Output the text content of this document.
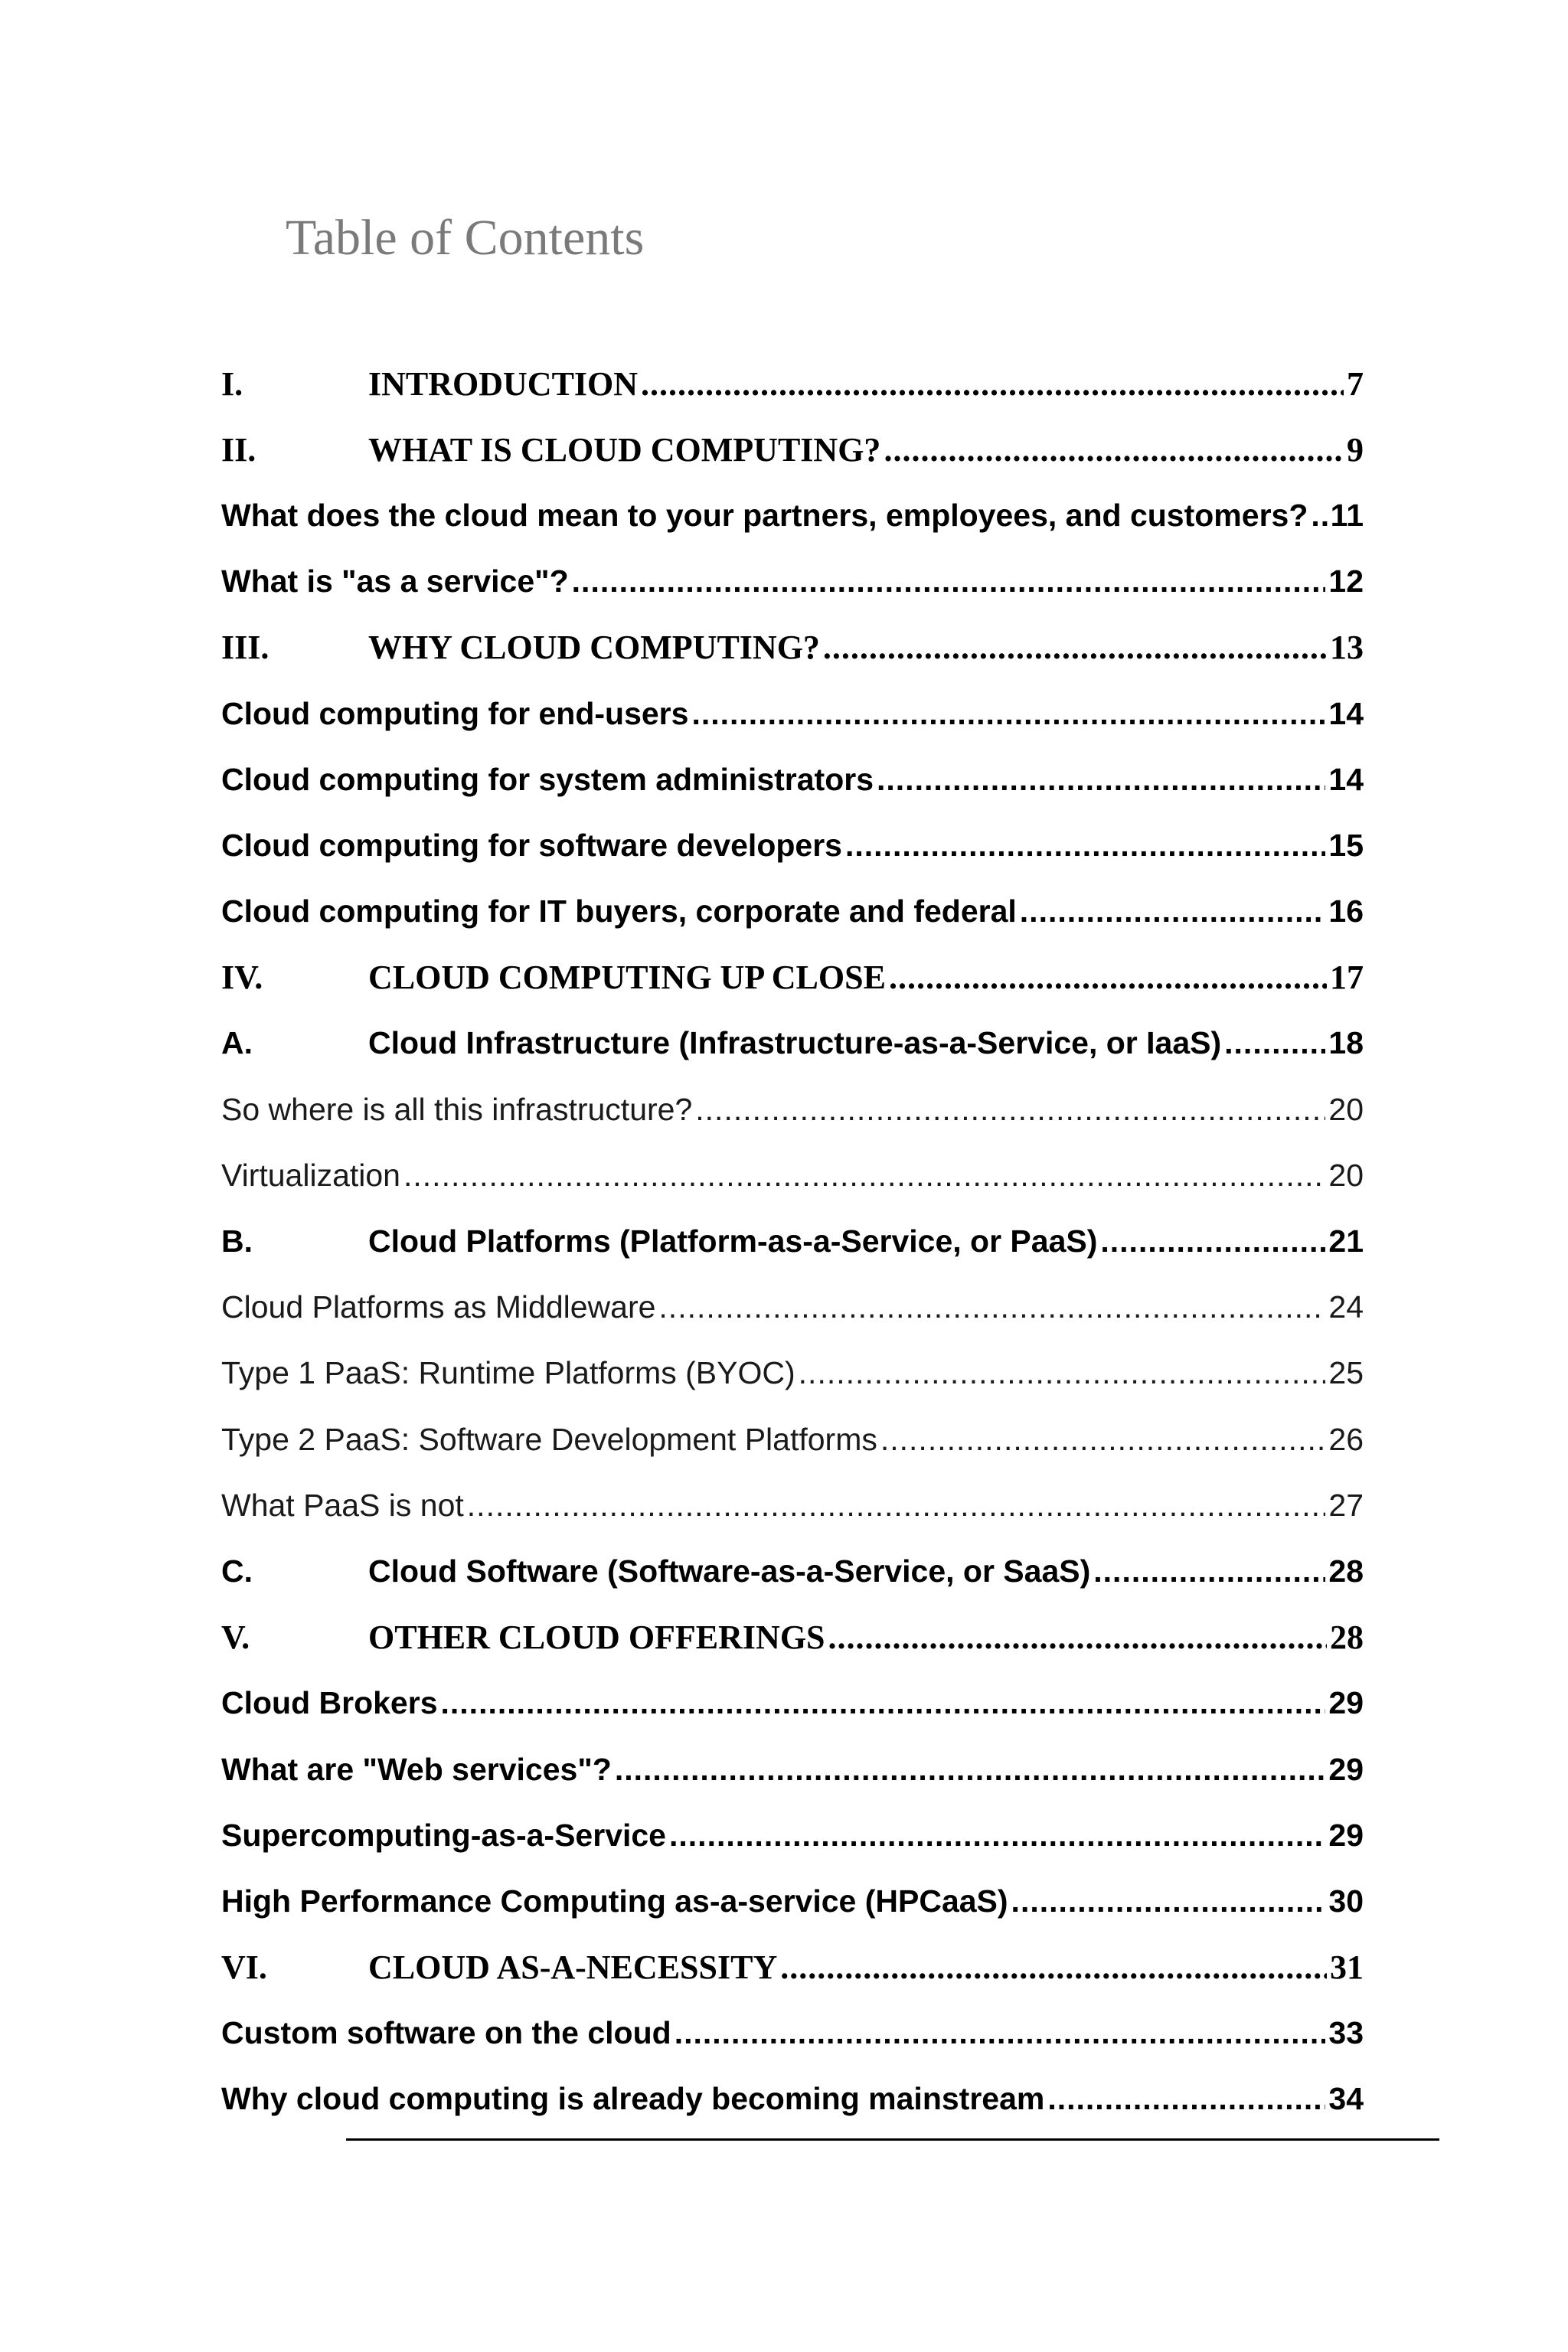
Table of Contents
I.	INTRODUCTION .....	7
II.	WHAT IS CLOUD COMPUTING? .....	9
What does the cloud mean to your partners, employees, and customers? ..... 11
What is "as a service"? .....	12
III.	WHY CLOUD COMPUTING? .....	13
Cloud computing for end-users .....	14
Cloud computing for system administrators .....	14
Cloud computing for software developers .....	15
Cloud computing for IT buyers, corporate and federal .....	16
IV.	CLOUD COMPUTING UP CLOSE .....	17
A.	Cloud Infrastructure (Infrastructure-as-a-Service, or IaaS) .....	18
So where is all this infrastructure? .....	20
Virtualization .....	20
B.	Cloud Platforms (Platform-as-a-Service, or PaaS) .....	21
Cloud Platforms as Middleware .....	24
Type 1 PaaS: Runtime Platforms (BYOC) .....	25
Type 2 PaaS: Software Development Platforms .....	26
What PaaS is not .....	27
C.	Cloud Software (Software-as-a-Service, or SaaS) .....	28
V.	OTHER CLOUD OFFERINGS .....	28
Cloud Brokers .....	29
What are "Web services"? .....	29
Supercomputing-as-a-Service .....	29
High Performance Computing as-a-service (HPCaaS) .....	30
VI.	CLOUD AS-A-NECESSITY .....	31
Custom software on the cloud .....	33
Why cloud computing is already becoming mainstream .....	34
